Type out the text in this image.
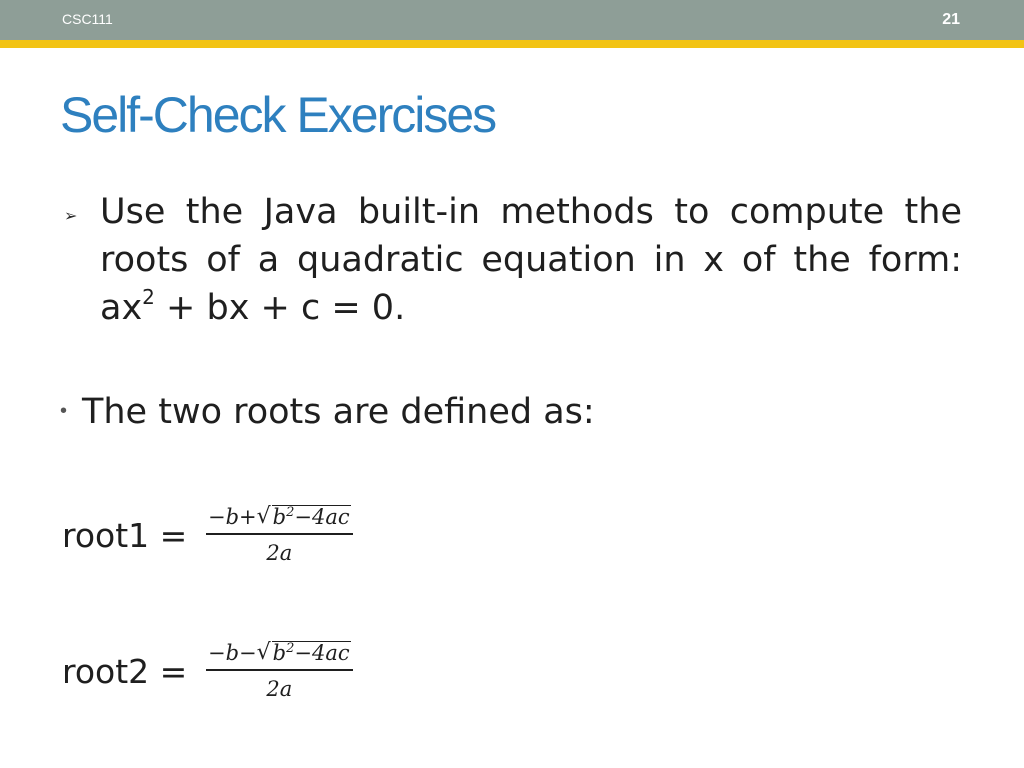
CSC111	21
Self-Check Exercises
➢ Use the Java built-in methods to compute the roots of a quadratic equation in x of the form: $ax^2$ + bx + c = 0.

• The two roots are defined as:

root1 = −𝑏+ √ 𝑏$^2$−4𝑎𝑐
2𝑎
root2 = −𝑏− √ 𝑏$^2$−4𝑎𝑐
2𝑎
